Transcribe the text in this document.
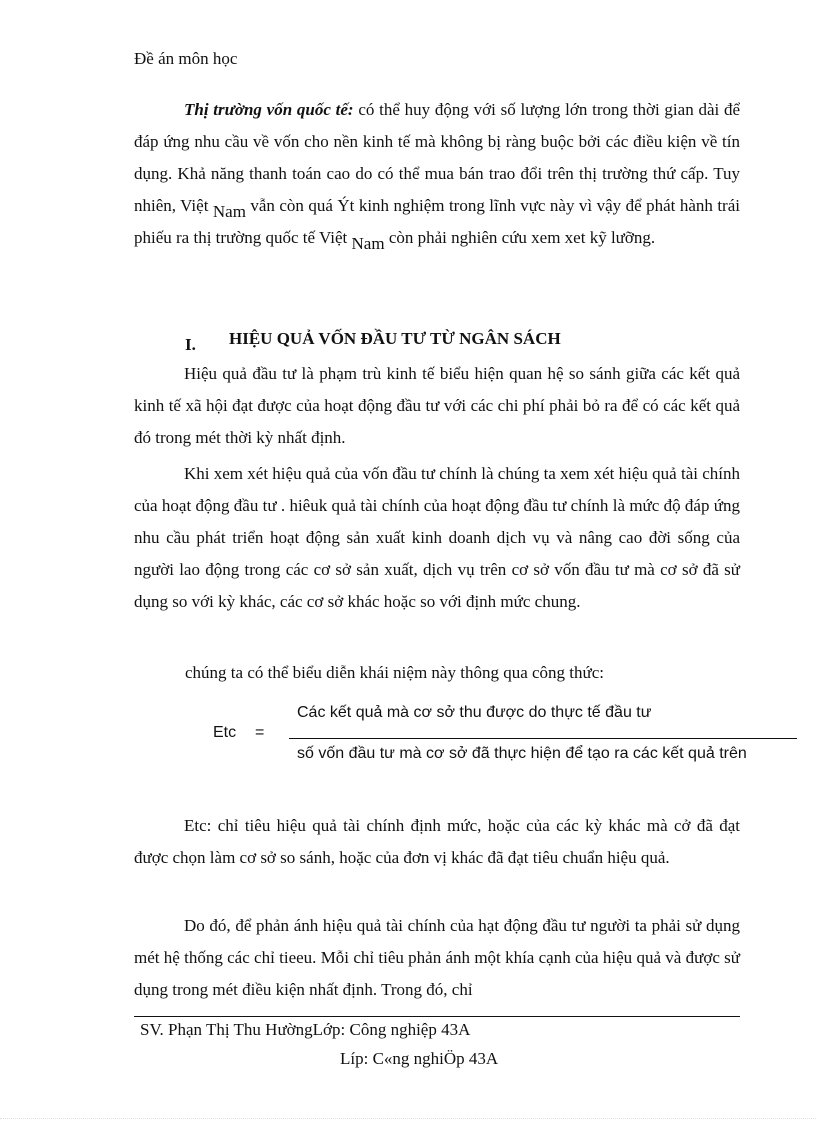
Đề án môn học
Thị trường vốn quốc tế: có thể huy động với số lượng lớn trong thời gian dài để đáp ứng nhu cầu về vốn cho nền kinh tế mà không bị ràng buộc bởi các điều kiện về tín dụng. Khả năng thanh toán cao do có thể mua bán trao đổi trên thị trường thứ cấp. Tuy nhiên, Việt Nam vẫn còn quá Ýt kinh nghiệm trong lĩnh vực này vì vậy để phát hành trái phiếu ra thị trường quốc tế Việt Nam còn phải nghiên cứu xem xet kỹ lưỡng.
I. HIỆU QUẢ VỐN ĐẦU TƯ TỪ NGÂN SÁCH
Hiệu quả đầu tư là phạm trù kinh tế biểu hiện quan hệ so sánh giữa các kết quả kinh tế xã hội đạt được của hoạt động đầu tư với các chi phí phải bỏ ra để có các kết quả đó trong mét thời kỳ nhất định.
Khi xem xét hiệu quả của vốn đầu tư chính là chúng ta xem xét hiệu quả tài chính của hoạt động đầu tư . hiêuk quả tài chính của hoạt động đầu tư chính là mức độ đáp ứng nhu cầu phát triển hoạt động sản xuất kinh doanh dịch vụ và nâng cao đời sống của người lao động trong các cơ sở sản xuất, dịch vụ trên cơ sở vốn đầu tư mà cơ sở đã sử dụng so với kỳ khác, các cơ sở khác hoặc so với định mức chung.
chúng ta có thể biểu diễn khái niệm này thông qua công thức:
Etc =
Các kết quả mà cơ sở thu được do thực tế đầu tư
số vốn đầu tư mà cơ sở đã thực hiện để tạo ra các kết quả trên
Etc: chỉ tiêu hiệu quả tài chính định mức, hoặc của các kỳ khác mà cở đã đạt được chọn làm cơ sở so sánh, hoặc của đơn vị khác đã đạt tiêu chuẩn hiệu quả.
Do đó, để phản ánh hiệu quả tài chính của hạt động đầu tư người ta phải sử dụng mét hệ thống các chỉ tieeu. Mỗi chỉ tiêu phản ánh một khía cạnh của hiệu quả và được sử dụng trong mét điều kiện nhất định. Trong đó, chỉ
SV. Phạn Thị Thu HườngLớp: Công nghiệp 43A
Líp: C«ng nghiÖp 43A
